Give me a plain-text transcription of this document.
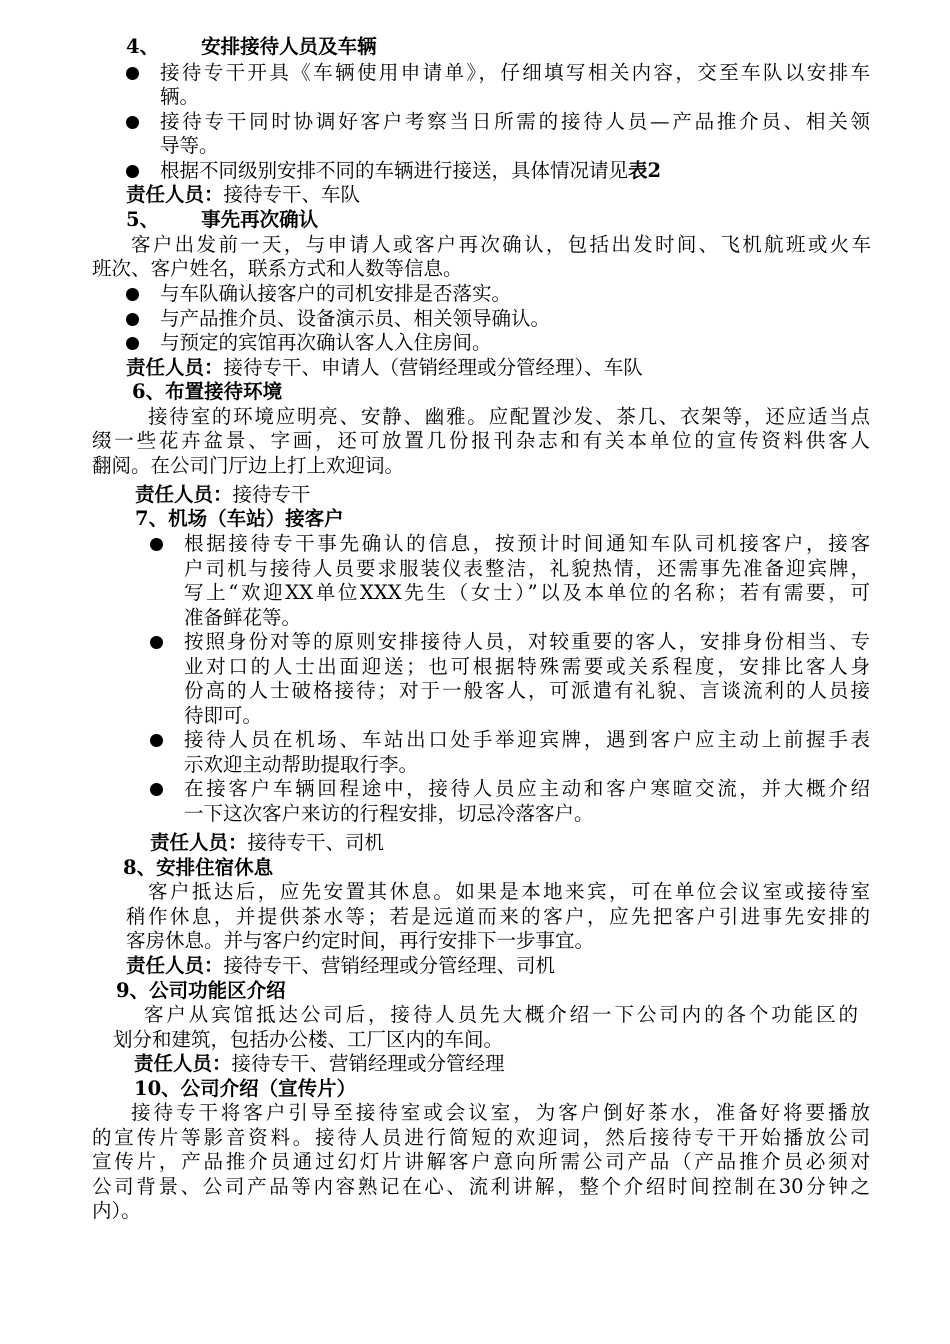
4、 安排接待人员及车辆
接待专干开具《车辆使用申请单》，仔细填写相关内容，交至车队以安排车
辆。
接待专干同时协调好客户考察当日所需的接待人员—产品推介员、相关领
导等。
根据不同级别安排不同的车辆进行接送，具体情况请见表2
责任人员：接待专干、车队
5、 事先再次确认
客户出发前一天，与申请人或客户再次确认，包括出发时间、飞机航班或火车
班次、客户姓名，联系方式和人数等信息。
与车队确认接客户的司机安排是否落实。
与产品推介员、设备演示员、相关领导确认。
与预定的宾馆再次确认客人入住房间。
责任人员：接待专干、申请人（营销经理或分管经理）、车队
6、布置接待环境
接待室的环境应明亮、安静、幽雅。应配置沙发、茶几、衣架等，还应适当点
缀一些花卉盆景、字画，还可放置几份报刊杂志和有关本单位的宣传资料供客人
翻阅。在公司门厅边上打上欢迎词。
责任人员：接待专干
7、机场（车站）接客户
根据接待专干事先确认的信息，按预计时间通知车队司机接客户，接客
户司机与接待人员要求服装仪表整洁，礼貌热情，还需事先准备迎宾牌，
写上“欢迎XX单位XXX先生（女士）”以及本单位的名称；若有需要，可
准备鲜花等。
按照身份对等的原则安排接待人员，对较重要的客人，安排身份相当、专
业对口的人士出面迎送；也可根据特殊需要或关系程度，安排比客人身
份高的人士破格接待；对于一般客人，可派遣有礼貌、言谈流利的人员接
待即可。
接待人员在机场、车站出口处手举迎宾牌，遇到客户应主动上前握手表
示欢迎主动帮助提取行李。
在接客户车辆回程途中，接待人员应主动和客户寒暄交流，并大概介绍
一下这次客户来访的行程安排，切忌冷落客户。
责任人员：接待专干、司机
8、安排住宿休息
客户抵达后，应先安置其休息。如果是本地来宾，可在单位会议室或接待室
稍作休息，并提供茶水等；若是远道而来的客户，应先把客户引进事先安排的
客房休息。并与客户约定时间，再行安排下一步事宜。
责任人员：接待专干、营销经理或分管经理、司机
9、公司功能区介绍
客户从宾馆抵达公司后，接待人员先大概介绍一下公司内的各个功能区的
划分和建筑，包括办公楼、工厂区内的车间。
责任人员：接待专干、营销经理或分管经理
10、公司介绍（宣传片）
接待专干将客户引导至接待室或会议室，为客户倒好茶水，准备好将要播放
的宣传片等影音资料。接待人员进行简短的欢迎词，然后接待专干开始播放公司
宣传片，产品推介员通过幻灯片讲解客户意向所需公司产品（产品推介员必须对
公司背景、公司产品等内容熟记在心、流利讲解，整个介绍时间控制在30分钟之
内）。
